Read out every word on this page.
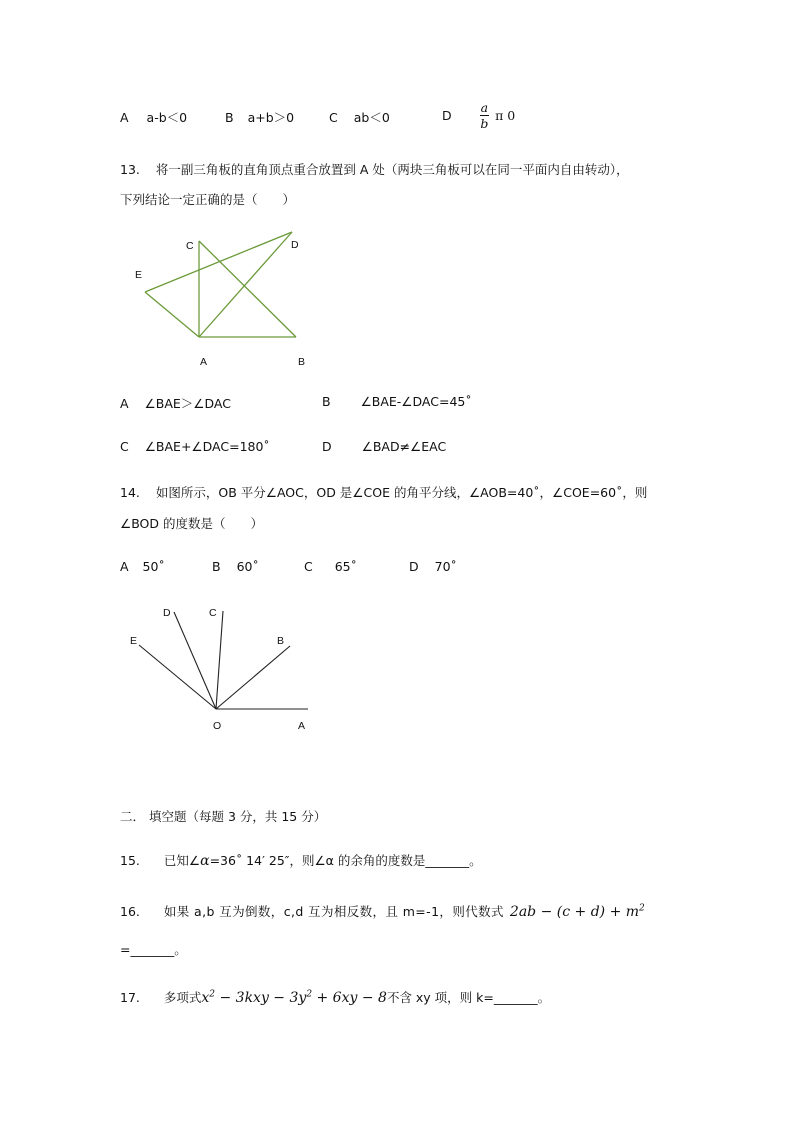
A a-b＜0	B a+b＞0	C ab＜0	D $\frac{a}{b}$ π 0
13. 将一副三角板的直角顶点重合放置到 A 处（两块三角板可以在同一平面内自由转动），
下列结论一定正确的是（　　）
C	D
E
A	B
A ∠BAE＞∠DAC	B ∠BAE-∠DAC=45˚
C ∠BAE+∠DAC=180˚	D ∠BAD≠∠EAC
14. 如图所示，OB 平分∠AOC，OD 是∠COE 的角平分线，∠AOB=40˚，∠COE=60˚，则
∠BOD 的度数是（　　）
A 50˚	B 60˚	C 65˚	D 70˚
D	C
E	B
O	A
二． 填空题（每题 3 分，共 15 分）
15. 已知∠α=36˚ 14′ 25″，则∠α 的余角的度数是_______。
16. 如果 a,b 互为倒数，c,d 互为相反数，且 m=-1，则代数式 $2ab - (c + d) + m^2$
=_______。
17. 多项式$x^2 - 3kxy - 3y^2 + 6xy - 8$不含 xy 项，则 k=_______。
